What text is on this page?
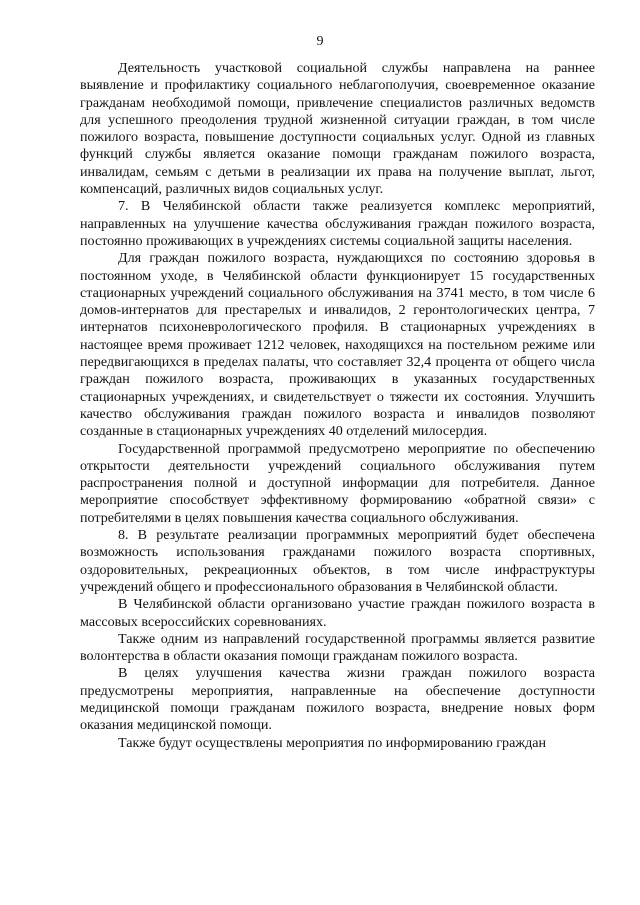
9

Деятельность участковой социальной службы направлена на раннее выявление и профилактику социального неблагополучия, своевременное оказание гражданам необходимой помощи, привлечение специалистов различных ведомств для успешного преодоления трудной жизненной ситуации граждан, в том числе пожилого возраста, повышение доступности социальных услуг. Одной из главных функций службы является оказание помощи гражданам пожилого возраста, инвалидам, семьям с детьми в реализации их права на получение выплат, льгот, компенсаций, различных видов социальных услуг.

7. В Челябинской области также реализуется комплекс мероприятий, направленных на улучшение качества обслуживания граждан пожилого возраста, постоянно проживающих в учреждениях системы социальной защиты населения.

Для граждан пожилого возраста, нуждающихся по состоянию здоровья в постоянном уходе, в Челябинской области функционирует 15 государственных стационарных учреждений социального обслуживания на 3741 место, в том числе 6 домов-интернатов для престарелых и инвалидов, 2 геронтологических центра, 7 интернатов психоневрологического профиля. В стационарных учреждениях в настоящее время проживает 1212 человек, находящихся на постельном режиме или передвигающихся в пределах палаты, что составляет 32,4 процента от общего числа граждан пожилого возраста, проживающих в указанных государственных стационарных учреждениях, и свидетельствует о тяжести их состояния. Улучшить качество обслуживания граждан пожилого возраста и инвалидов позволяют созданные в стационарных учреждениях 40 отделений милосердия.

Государственной программой предусмотрено мероприятие по обеспечению открытости деятельности учреждений социального обслуживания путем распространения полной и доступной информации для потребителя. Данное мероприятие способствует эффективному формированию «обратной связи» с потребителями в целях повышения качества социального обслуживания.

8. В результате реализации программных мероприятий будет обеспечена возможность использования гражданами пожилого возраста спортивных, оздоровительных, рекреационных объектов, в том числе инфраструктуры учреждений общего и профессионального образования в Челябинской области.

В Челябинской области организовано участие граждан пожилого возраста в массовых всероссийских соревнованиях.

Также одним из направлений государственной программы является развитие волонтерства в области оказания помощи гражданам пожилого возраста.

В целях улучшения качества жизни граждан пожилого возраста предусмотрены мероприятия, направленные на обеспечение доступности медицинской помощи гражданам пожилого возраста, внедрение новых форм оказания медицинской помощи.

Также будут осуществлены мероприятия по информированию граждан
